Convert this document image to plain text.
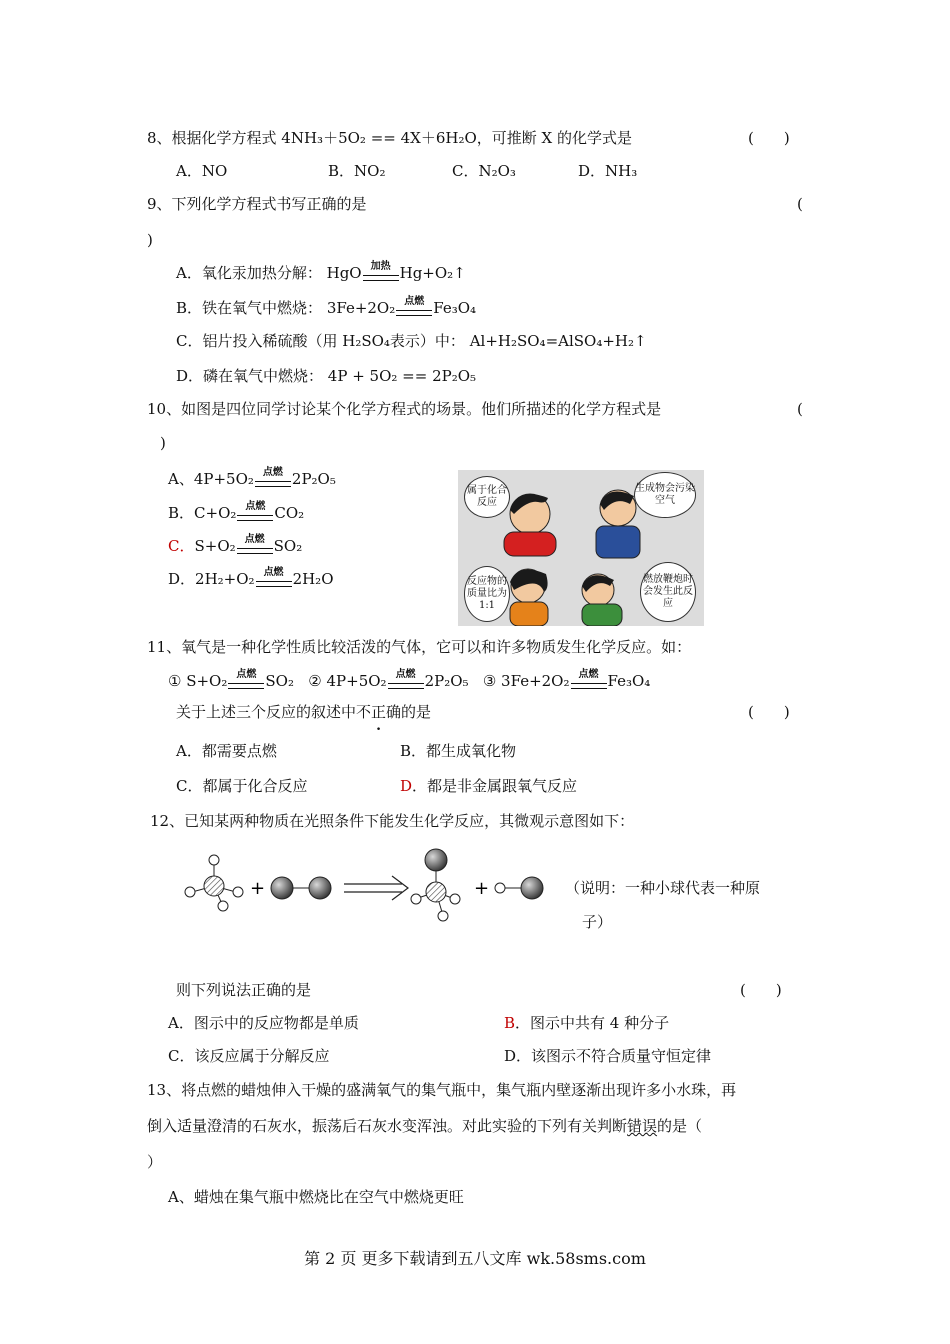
8、根据化学方程式 4NH₃＋5O₂ == 4X＋6H₂O，可推断 X 的化学式是	(　　)
A．NO	B．NO₂	C．N₂O₃	D．NH₃
9、下列化学方程式书写正确的是	(
)
A．氧化汞加热分解： HgO 加热 Hg+O₂↑
B．铁在氧气中燃烧： 3Fe+2O₂ 点燃 Fe₃O₄
C．铝片投入稀硫酸（用 H₂SO₄表示）中： Al+H₂SO₄=AlSO₄+H₂↑
D．磷在氧气中燃烧： 4P + 5O₂ == 2P₂O₅
10、如图是四位同学讨论某个化学方程式的场景。他们所描述的化学方程式是	(
)
A、4P+5O₂ 点燃 2P₂O₅
B．C+O₂ 点燃 CO₂
C．S+O₂ 点燃 SO₂
D．2H₂+O₂ 点燃 2H₂O
属于化合反应
生成物会污染空气
反应物的质量比为1:1
燃放鞭炮时会发生此反应
11、氧气是一种化学性质比较活泼的气体，它可以和许多物质发生化学反应。如：
① S+O₂ 点燃 SO₂ ② 4P+5O₂ 点燃 2P₂O₅ ③ 3Fe+2O₂ 点燃 Fe₃O₄
关于上述三个反应的叙述中不正确的是	(　　)
A．都需要点燃	B．都生成氧化物
C．都属于化合反应	D．都是非金属跟氧气反应
12、已知某两种物质在光照条件下能发生化学反应，其微观示意图如下：
+	+	（说明：一种小球代表一种原
子）
则下列说法正确的是	(　　)
A．图示中的反应物都是单质	B．图示中共有 4 种分子
C．该反应属于分解反应	D．该图示不符合质量守恒定律
13、将点燃的蜡烛伸入干燥的盛满氧气的集气瓶中，集气瓶内壁逐渐出现许多小水珠，再
倒入适量澄清的石灰水，振荡后石灰水变浑浊。对此实验的下列有关判断错误的是（
）
A、蜡烛在集气瓶中燃烧比在空气中燃烧更旺
第 2 页 更多下载请到五八文库 wk.58sms.com
